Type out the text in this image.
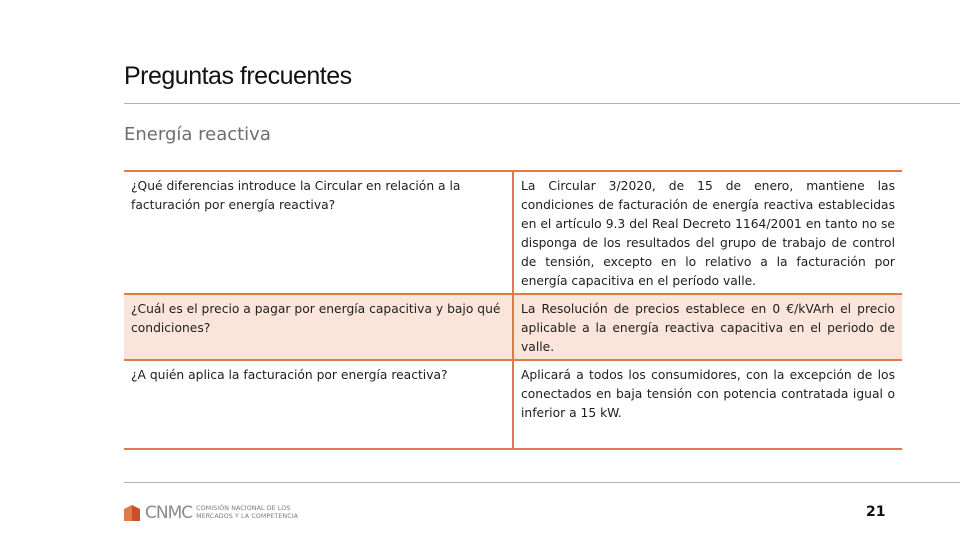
Preguntas frecuentes
Energía reactiva
¿Qué diferencias introduce la Circular en relación a la facturación por energía reactiva?	La Circular 3/2020, de 15 de enero, mantiene las condiciones de facturación de energía reactiva establecidas en el artículo 9.3 del Real Decreto 1164/2001 en tanto no se disponga de los resultados del grupo de trabajo de control de tensión, excepto en lo relativo a la facturación por energía capacitiva en el período valle.
¿Cuál es el precio a pagar por energía capacitiva y bajo qué condiciones?	La Resolución de precios establece en 0 €/kVArh el precio aplicable a la energía reactiva capacitiva en el periodo de valle.
¿A quién aplica la facturación por energía reactiva?	Aplicará a todos los consumidores, con la excepción de los conectados en baja tensión con potencia contratada igual o inferior a 15 kW.
CNMC COMISIÓN NACIONAL DE LOS
MERCADOS Y LA COMPETENCIA	21
